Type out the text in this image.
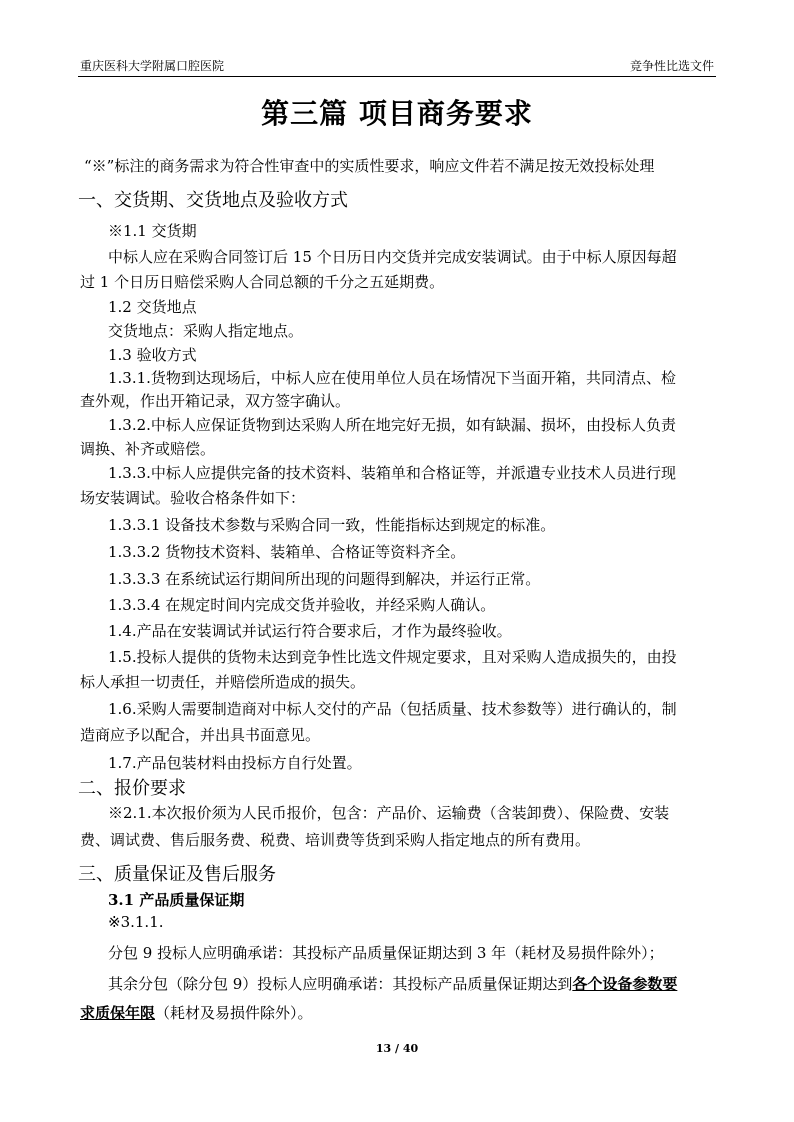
重庆医科大学附属口腔医院	竞争性比选文件
第三篇 项目商务要求
“※”标注的商务需求为符合性审查中的实质性要求，响应文件若不满足按无效投标处理
一、交货期、交货地点及验收方式
※1.1 交货期
中标人应在采购合同签订后 15 个日历日内交货并完成安装调试。由于中标人原因每超
过 1 个日历日赔偿采购人合同总额的千分之五延期费。
1.2 交货地点
交货地点：采购人指定地点。
1.3 验收方式
1.3.1.货物到达现场后，中标人应在使用单位人员在场情况下当面开箱，共同清点、检
查外观，作出开箱记录，双方签字确认。
1.3.2.中标人应保证货物到达采购人所在地完好无损，如有缺漏、损坏，由投标人负责
调换、补齐或赔偿。
1.3.3.中标人应提供完备的技术资料、装箱单和合格证等，并派遣专业技术人员进行现
场安装调试。验收合格条件如下：
1.3.3.1 设备技术参数与采购合同一致，性能指标达到规定的标准。
1.3.3.2 货物技术资料、装箱单、合格证等资料齐全。
1.3.3.3 在系统试运行期间所出现的问题得到解决，并运行正常。
1.3.3.4 在规定时间内完成交货并验收，并经采购人确认。
1.4.产品在安装调试并试运行符合要求后，才作为最终验收。
1.5.投标人提供的货物未达到竞争性比选文件规定要求，且对采购人造成损失的，由投
标人承担一切责任，并赔偿所造成的损失。
1.6.采购人需要制造商对中标人交付的产品（包括质量、技术参数等）进行确认的，制
造商应予以配合，并出具书面意见。
1.7.产品包装材料由投标方自行处置。
二、报价要求
※2.1.本次报价须为人民币报价，包含：产品价、运输费（含装卸费）、保险费、安装
费、调试费、售后服务费、税费、培训费等货到采购人指定地点的所有费用。
三、质量保证及售后服务
3.1 产品质量保证期
※3.1.1.
分包 9 投标人应明确承诺：其投标产品质量保证期达到 3 年（耗材及易损件除外）；
其余分包（除分包 9）投标人应明确承诺：其投标产品质量保证期达到各个设备参数要
求质保年限（耗材及易损件除外）。
13 / 40
